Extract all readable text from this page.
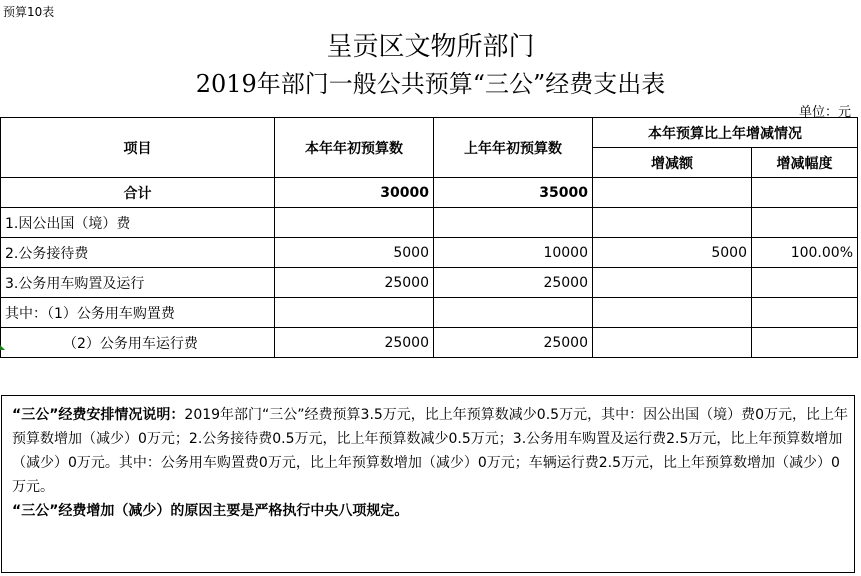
预算10表
呈贡区文物所部门
2019年部门一般公共预算“三公”经费支出表
单位：元
项目	本年年初预算数	上年年初预算数	本年预算比上年增减情况	
			增减额	增减幅度
合计	30000	35000		
1.因公出国（境）费				
2.公务接待费	5000	10000	5000	100.00%
3.公务用车购置及运行	25000	25000		
其中：（1）公务用车购置费				
（2）公务用车运行费	25000	25000		
“三公”经费安排情况说明：2019年部门“三公”经费预算3.5万元，比上年预算数减少0.5万元，其中：因公出国（境）费0万元，比上年预算数增加（减少）0万元；2.公务接待费0.5万元，比上年预算数减少0.5万元；3.公务用车购置及运行费2.5万元，比上年预算数增加（减少）0万元。其中：公务用车购置费0万元，比上年预算数增加（减少）0万元；车辆运行费2.5万元，比上年预算数增加（减少）0万元。
“三公”经费增加（减少）的原因主要是严格执行中央八项规定。
